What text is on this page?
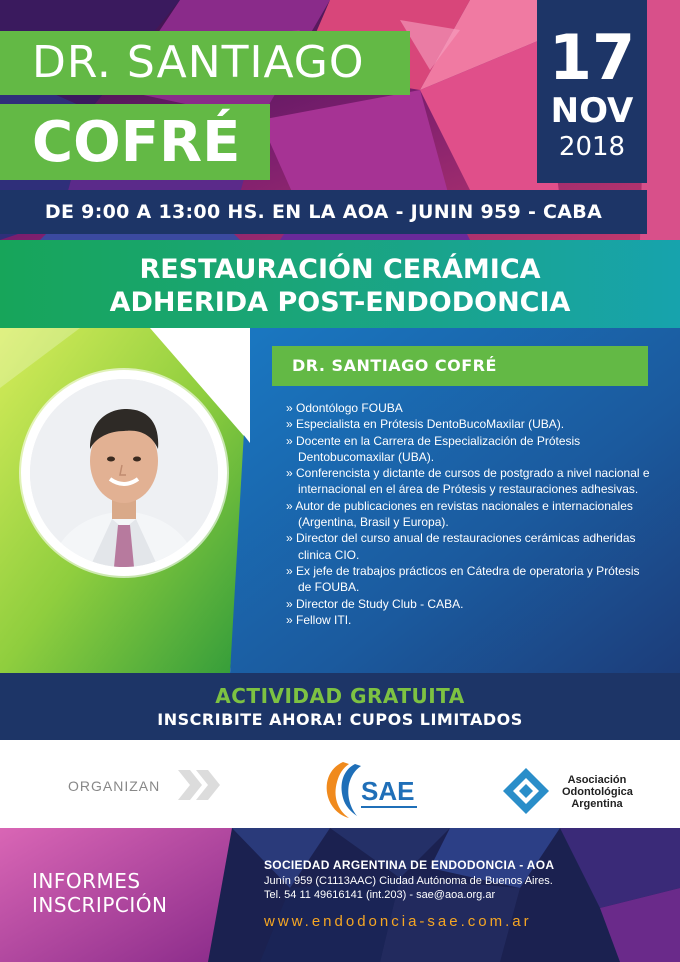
DR. SANTIAGO
COFRÉ
17
NOV
2018
DE 9:00 A 13:00 HS. EN LA AOA - JUNIN 959 - CABA
RESTAURACIÓN CERÁMICA
ADHERIDA POST-ENDODONCIA
DR. SANTIAGO COFRÉ
» Odontólogo FOUBA
» Especialista en Prótesis DentoBucoMaxilar (UBA).
» Docente en la Carrera de Especialización de Prótesis Dentobucomaxilar (UBA).
» Conferencista y dictante de cursos de postgrado a nivel nacional e internacional en el área de Prótesis y restauraciones adhesivas.
» Autor de publicaciones en revistas nacionales e internacionales (Argentina, Brasil y Europa).
» Director del curso anual de restauraciones cerámicas adheridas clinica CIO.
» Ex jefe de trabajos prácticos en Cátedra de operatoria y Prótesis de FOUBA.
» Director de Study Club - CABA.
» Fellow ITI.
ACTIVIDAD GRATUITA
INSCRIBITE AHORA! CUPOS LIMITADOS
ORGANIZAN	SAE	Asociación
Odontológica
Argentina
INFORMES
INSCRIPCIÓN
SOCIEDAD ARGENTINA DE ENDODONCIA - AOA
Junín 959 (C1113AAC) Ciudad Autónoma de Buenos Aires.
Tel. 54 11 49616141 (int.203) - sae@aoa.org.ar
www.endodoncia-sae.com.ar
